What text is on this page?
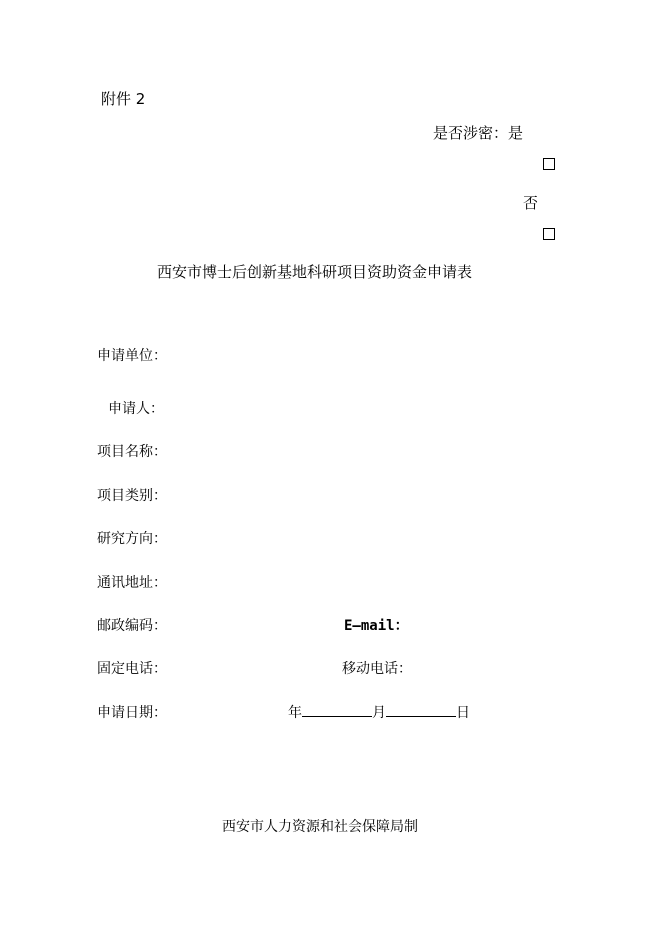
附件 2
是否涉密：是
否
西安市博士后创新基地科研项目资助资金申请表
申请单位：
申请人：
项目名称：
项目类别：
研究方向：
通讯地址：
邮政编码：	E—mail：
固定电话：	移动电话：
申请日期：	年	月	日
西安市人力资源和社会保障局制
